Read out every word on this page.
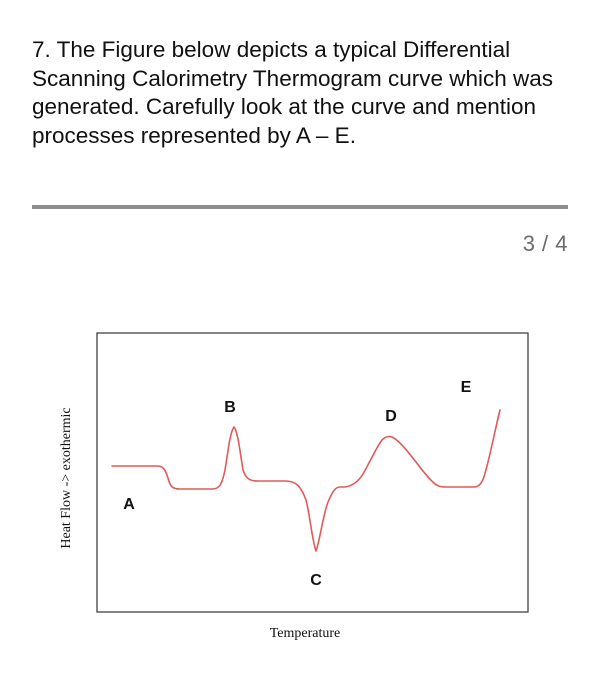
7. The Figure below depicts a typical Differential Scanning Calorimetry Thermogram curve which was generated. Carefully look at the curve and mention processes represented by A – E.

3 / 4
A
B
C
D
E
Temperature
Heat Flow -> exothermic
